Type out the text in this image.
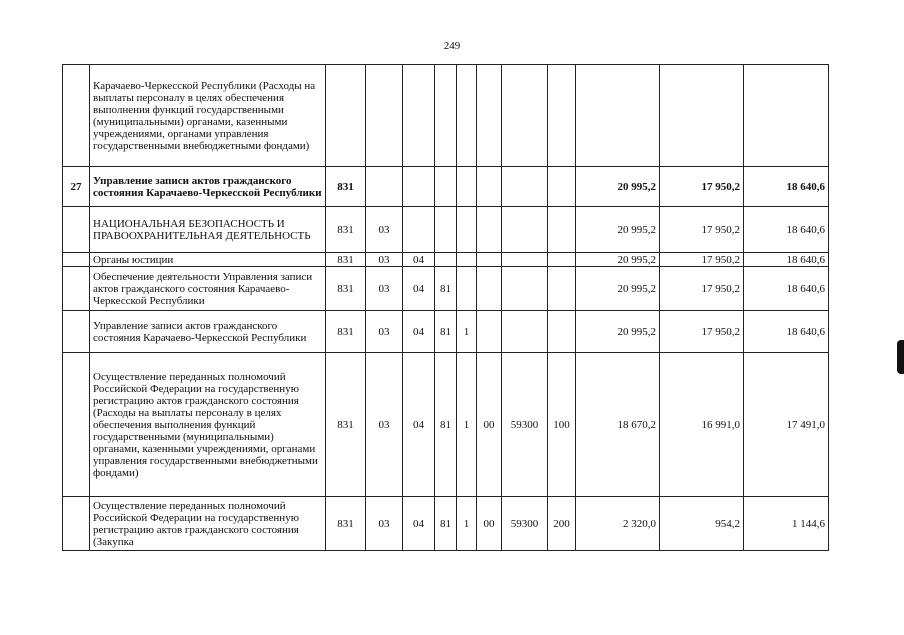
249
	Карачаево-Черкесской Республики (Расходы на выплаты персоналу в целях обеспечения выполнения функций государственными (муниципальными) органами, казенными учреждениями, органами управления государственными внебюджетными фондами)											
27	Управление записи актов гражданского состояния Карачаево-Черкесской Республики	831								20 995,2	17 950,2	18 640,6
	НАЦИОНАЛЬНАЯ БЕЗОПАСНОСТЬ И ПРАВООХРАНИТЕЛЬНАЯ ДЕЯТЕЛЬНОСТЬ	831	03							20 995,2	17 950,2	18 640,6
	Органы юстиции	831	03	04						20 995,2	17 950,2	18 640,6
	Обеспечение деятельности Управления записи актов гражданского состояния Карачаево-Черкесской Республики	831	03	04	81					20 995,2	17 950,2	18 640,6
	Управление записи актов гражданского состояния Карачаево-Черкесской Республики	831	03	04	81	1				20 995,2	17 950,2	18 640,6
	Осуществление переданных полномочий Российской Федерации на государственную регистрацию актов гражданского состояния (Расходы на выплаты персоналу в целях обеспечения выполнения функций государственными (муниципальными) органами, казенными учреждениями, органами управления государственными внебюджетными фондами)	831	03	04	81	1	00	59300	100	18 670,2	16 991,0	17 491,0
	Осуществление переданных полномочий Российской Федерации на государственную регистрацию актов гражданского состояния (Закупка	831	03	04	81	1	00	59300	200	2 320,0	954,2	1 144,6
